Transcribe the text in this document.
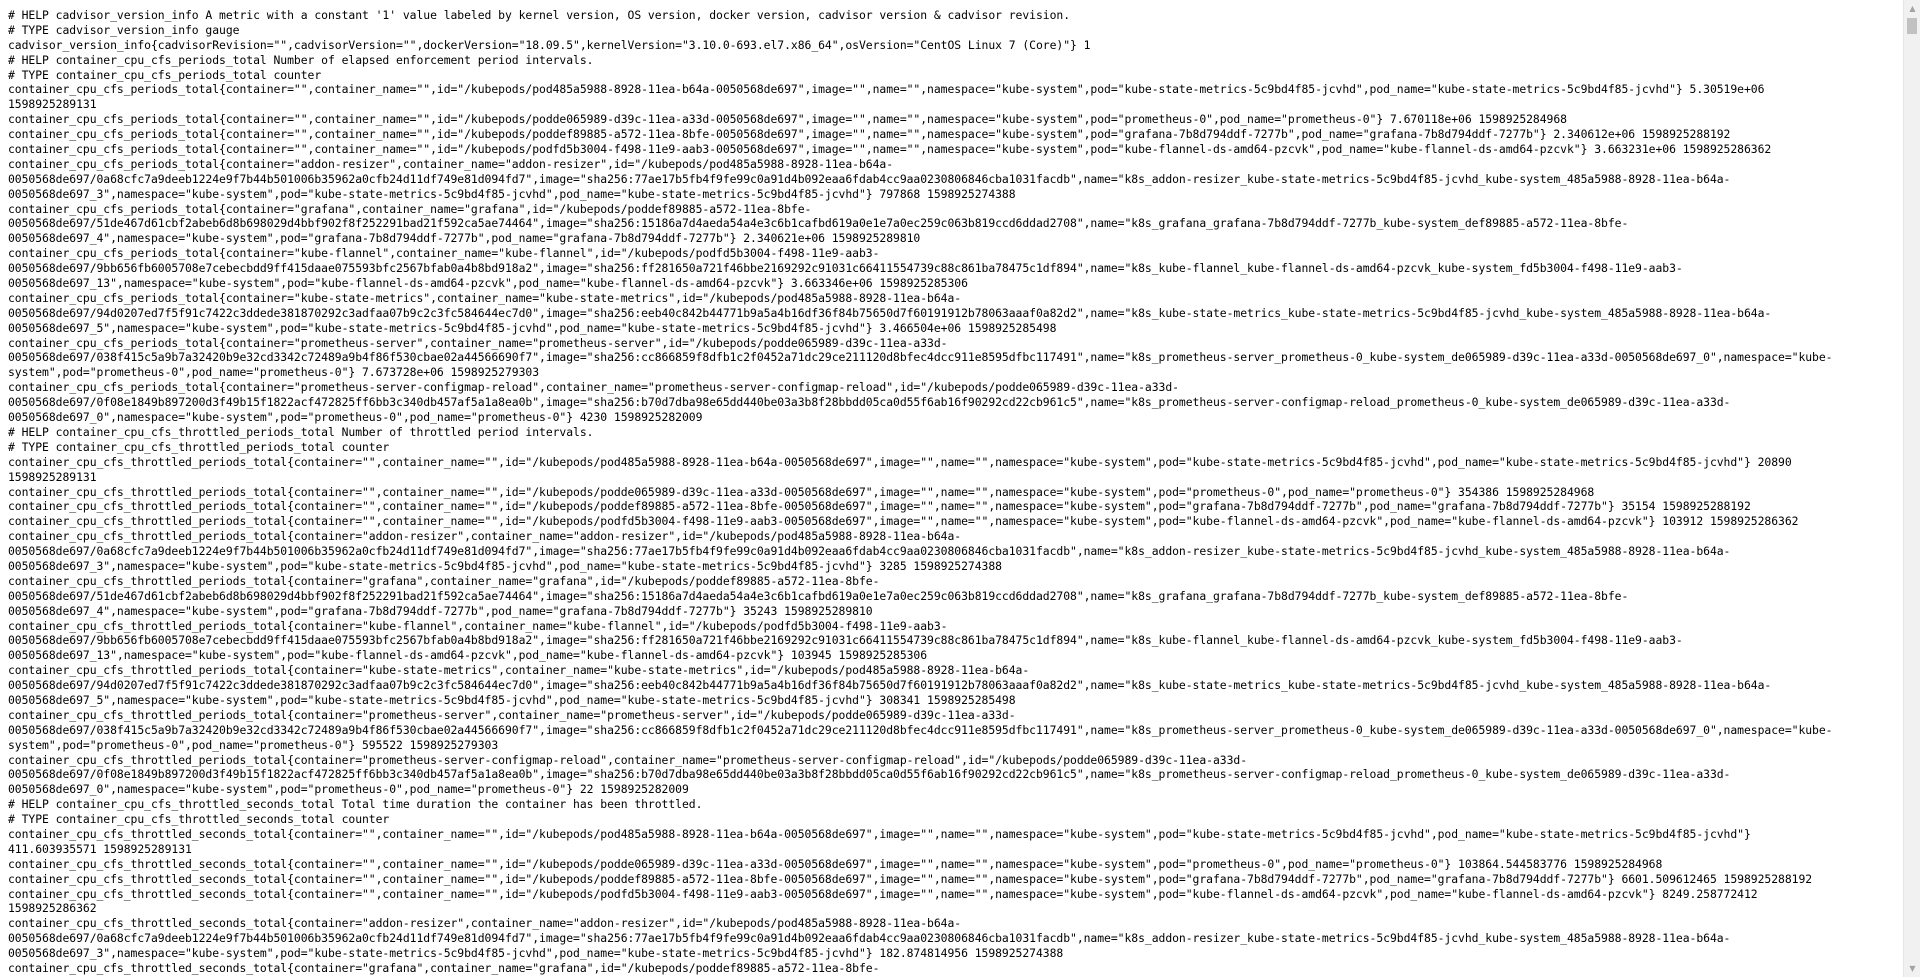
# HELP cadvisor_version_info A metric with a constant '1' value labeled by kernel version, OS version, docker version, cadvisor version & cadvisor revision.
# TYPE cadvisor_version_info gauge
cadvisor_version_info{cadvisorRevision="",cadvisorVersion="",dockerVersion="18.09.5",kernelVersion="3.10.0-693.el7.x86_64",osVersion="CentOS Linux 7 (Core)"} 1
# HELP container_cpu_cfs_periods_total Number of elapsed enforcement period intervals.
# TYPE container_cpu_cfs_periods_total counter
container_cpu_cfs_periods_total{container="",container_name="",id="/kubepods/pod485a5988-8928-11ea-b64a-0050568de697",image="",name="",namespace="kube-system",pod="kube-state-metrics-5c9bd4f85-jcvhd",pod_name="kube-state-metrics-5c9bd4f85-jcvhd"} 5.30519e+06
1598925289131
container_cpu_cfs_periods_total{container="",container_name="",id="/kubepods/podde065989-d39c-11ea-a33d-0050568de697",image="",name="",namespace="kube-system",pod="prometheus-0",pod_name="prometheus-0"} 7.670118e+06 1598925284968
container_cpu_cfs_periods_total{container="",container_name="",id="/kubepods/poddef89885-a572-11ea-8bfe-0050568de697",image="",name="",namespace="kube-system",pod="grafana-7b8d794ddf-7277b",pod_name="grafana-7b8d794ddf-7277b"} 2.340612e+06 1598925288192
container_cpu_cfs_periods_total{container="",container_name="",id="/kubepods/podfd5b3004-f498-11e9-aab3-0050568de697",image="",name="",namespace="kube-system",pod="kube-flannel-ds-amd64-pzcvk",pod_name="kube-flannel-ds-amd64-pzcvk"} 3.663231e+06 1598925286362
container_cpu_cfs_periods_total{container="addon-resizer",container_name="addon-resizer",id="/kubepods/pod485a5988-8928-11ea-b64a-
0050568de697/0a68cfc7a9deeb1224e9f7b44b501006b35962a0cfb24d11df749e81d094fd7",image="sha256:77ae17b5fb4f9fe99c0a91d4b092eaa6fdab4cc9aa0230806846cba1031facdb",name="k8s_addon-resizer_kube-state-metrics-5c9bd4f85-jcvhd_kube-system_485a5988-8928-11ea-b64a-
0050568de697_3",namespace="kube-system",pod="kube-state-metrics-5c9bd4f85-jcvhd",pod_name="kube-state-metrics-5c9bd4f85-jcvhd"} 797868 1598925274388
container_cpu_cfs_periods_total{container="grafana",container_name="grafana",id="/kubepods/poddef89885-a572-11ea-8bfe-
0050568de697/51de467d61cbf2abeb6d8b698029d4bbf902f8f252291bad21f592ca5ae74464",image="sha256:15186a7d4aeda54a4e3c6b1cafbd619a0e1e7a0ec259c063b819ccd6ddad2708",name="k8s_grafana_grafana-7b8d794ddf-7277b_kube-system_def89885-a572-11ea-8bfe-
0050568de697_4",namespace="kube-system",pod="grafana-7b8d794ddf-7277b",pod_name="grafana-7b8d794ddf-7277b"} 2.340621e+06 1598925289810
container_cpu_cfs_periods_total{container="kube-flannel",container_name="kube-flannel",id="/kubepods/podfd5b3004-f498-11e9-aab3-
0050568de697/9bb656fb6005708e7cebecbdd9ff415daae075593bfc2567bfab0a4b8bd918a2",image="sha256:ff281650a721f46bbe2169292c91031c66411554739c88c861ba78475c1df894",name="k8s_kube-flannel_kube-flannel-ds-amd64-pzcvk_kube-system_fd5b3004-f498-11e9-aab3-
0050568de697_13",namespace="kube-system",pod="kube-flannel-ds-amd64-pzcvk",pod_name="kube-flannel-ds-amd64-pzcvk"} 3.663346e+06 1598925285306
container_cpu_cfs_periods_total{container="kube-state-metrics",container_name="kube-state-metrics",id="/kubepods/pod485a5988-8928-11ea-b64a-
0050568de697/94d0207ed7f5f91c7422c3ddede381870292c3adfaa07b9c2c3fc584644ec7d0",image="sha256:eeb40c842b44771b9a5a4b16df36f84b75650d7f60191912b78063aaaf0a82d2",name="k8s_kube-state-metrics_kube-state-metrics-5c9bd4f85-jcvhd_kube-system_485a5988-8928-11ea-b64a-
0050568de697_5",namespace="kube-system",pod="kube-state-metrics-5c9bd4f85-jcvhd",pod_name="kube-state-metrics-5c9bd4f85-jcvhd"} 3.466504e+06 1598925285498
container_cpu_cfs_periods_total{container="prometheus-server",container_name="prometheus-server",id="/kubepods/podde065989-d39c-11ea-a33d-
0050568de697/038f415c5a9b7a32420b9e32cd3342c72489a9b4f86f530cbae02a44566690f7",image="sha256:cc866859f8dfb1c2f0452a71dc29ce211120d8bfec4dcc911e8595dfbc117491",name="k8s_prometheus-server_prometheus-0_kube-system_de065989-d39c-11ea-a33d-0050568de697_0",namespace="kube-
system",pod="prometheus-0",pod_name="prometheus-0"} 7.673728e+06 1598925279303
container_cpu_cfs_periods_total{container="prometheus-server-configmap-reload",container_name="prometheus-server-configmap-reload",id="/kubepods/podde065989-d39c-11ea-a33d-
0050568de697/0f08e1849b897200d3f49b15f1822acf472825ff6bb3c340db457af5a1a8ea0b",image="sha256:b70d7dba98e65dd440be03a3b8f28bbdd05ca0d55f6ab16f90292cd22cb961c5",name="k8s_prometheus-server-configmap-reload_prometheus-0_kube-system_de065989-d39c-11ea-a33d-
0050568de697_0",namespace="kube-system",pod="prometheus-0",pod_name="prometheus-0"} 4230 1598925282009
# HELP container_cpu_cfs_throttled_periods_total Number of throttled period intervals.
# TYPE container_cpu_cfs_throttled_periods_total counter
container_cpu_cfs_throttled_periods_total{container="",container_name="",id="/kubepods/pod485a5988-8928-11ea-b64a-0050568de697",image="",name="",namespace="kube-system",pod="kube-state-metrics-5c9bd4f85-jcvhd",pod_name="kube-state-metrics-5c9bd4f85-jcvhd"} 20890
1598925289131
container_cpu_cfs_throttled_periods_total{container="",container_name="",id="/kubepods/podde065989-d39c-11ea-a33d-0050568de697",image="",name="",namespace="kube-system",pod="prometheus-0",pod_name="prometheus-0"} 354386 1598925284968
container_cpu_cfs_throttled_periods_total{container="",container_name="",id="/kubepods/poddef89885-a572-11ea-8bfe-0050568de697",image="",name="",namespace="kube-system",pod="grafana-7b8d794ddf-7277b",pod_name="grafana-7b8d794ddf-7277b"} 35154 1598925288192
container_cpu_cfs_throttled_periods_total{container="",container_name="",id="/kubepods/podfd5b3004-f498-11e9-aab3-0050568de697",image="",name="",namespace="kube-system",pod="kube-flannel-ds-amd64-pzcvk",pod_name="kube-flannel-ds-amd64-pzcvk"} 103912 1598925286362
container_cpu_cfs_throttled_periods_total{container="addon-resizer",container_name="addon-resizer",id="/kubepods/pod485a5988-8928-11ea-b64a-
0050568de697/0a68cfc7a9deeb1224e9f7b44b501006b35962a0cfb24d11df749e81d094fd7",image="sha256:77ae17b5fb4f9fe99c0a91d4b092eaa6fdab4cc9aa0230806846cba1031facdb",name="k8s_addon-resizer_kube-state-metrics-5c9bd4f85-jcvhd_kube-system_485a5988-8928-11ea-b64a-
0050568de697_3",namespace="kube-system",pod="kube-state-metrics-5c9bd4f85-jcvhd",pod_name="kube-state-metrics-5c9bd4f85-jcvhd"} 3285 1598925274388
container_cpu_cfs_throttled_periods_total{container="grafana",container_name="grafana",id="/kubepods/poddef89885-a572-11ea-8bfe-
0050568de697/51de467d61cbf2abeb6d8b698029d4bbf902f8f252291bad21f592ca5ae74464",image="sha256:15186a7d4aeda54a4e3c6b1cafbd619a0e1e7a0ec259c063b819ccd6ddad2708",name="k8s_grafana_grafana-7b8d794ddf-7277b_kube-system_def89885-a572-11ea-8bfe-
0050568de697_4",namespace="kube-system",pod="grafana-7b8d794ddf-7277b",pod_name="grafana-7b8d794ddf-7277b"} 35243 1598925289810
container_cpu_cfs_throttled_periods_total{container="kube-flannel",container_name="kube-flannel",id="/kubepods/podfd5b3004-f498-11e9-aab3-
0050568de697/9bb656fb6005708e7cebecbdd9ff415daae075593bfc2567bfab0a4b8bd918a2",image="sha256:ff281650a721f46bbe2169292c91031c66411554739c88c861ba78475c1df894",name="k8s_kube-flannel_kube-flannel-ds-amd64-pzcvk_kube-system_fd5b3004-f498-11e9-aab3-
0050568de697_13",namespace="kube-system",pod="kube-flannel-ds-amd64-pzcvk",pod_name="kube-flannel-ds-amd64-pzcvk"} 103945 1598925285306
container_cpu_cfs_throttled_periods_total{container="kube-state-metrics",container_name="kube-state-metrics",id="/kubepods/pod485a5988-8928-11ea-b64a-
0050568de697/94d0207ed7f5f91c7422c3ddede381870292c3adfaa07b9c2c3fc584644ec7d0",image="sha256:eeb40c842b44771b9a5a4b16df36f84b75650d7f60191912b78063aaaf0a82d2",name="k8s_kube-state-metrics_kube-state-metrics-5c9bd4f85-jcvhd_kube-system_485a5988-8928-11ea-b64a-
0050568de697_5",namespace="kube-system",pod="kube-state-metrics-5c9bd4f85-jcvhd",pod_name="kube-state-metrics-5c9bd4f85-jcvhd"} 308341 1598925285498
container_cpu_cfs_throttled_periods_total{container="prometheus-server",container_name="prometheus-server",id="/kubepods/podde065989-d39c-11ea-a33d-
0050568de697/038f415c5a9b7a32420b9e32cd3342c72489a9b4f86f530cbae02a44566690f7",image="sha256:cc866859f8dfb1c2f0452a71dc29ce211120d8bfec4dcc911e8595dfbc117491",name="k8s_prometheus-server_prometheus-0_kube-system_de065989-d39c-11ea-a33d-0050568de697_0",namespace="kube-
system",pod="prometheus-0",pod_name="prometheus-0"} 595522 1598925279303
container_cpu_cfs_throttled_periods_total{container="prometheus-server-configmap-reload",container_name="prometheus-server-configmap-reload",id="/kubepods/podde065989-d39c-11ea-a33d-
0050568de697/0f08e1849b897200d3f49b15f1822acf472825ff6bb3c340db457af5a1a8ea0b",image="sha256:b70d7dba98e65dd440be03a3b8f28bbdd05ca0d55f6ab16f90292cd22cb961c5",name="k8s_prometheus-server-configmap-reload_prometheus-0_kube-system_de065989-d39c-11ea-a33d-
0050568de697_0",namespace="kube-system",pod="prometheus-0",pod_name="prometheus-0"} 22 1598925282009
# HELP container_cpu_cfs_throttled_seconds_total Total time duration the container has been throttled.
# TYPE container_cpu_cfs_throttled_seconds_total counter
container_cpu_cfs_throttled_seconds_total{container="",container_name="",id="/kubepods/pod485a5988-8928-11ea-b64a-0050568de697",image="",name="",namespace="kube-system",pod="kube-state-metrics-5c9bd4f85-jcvhd",pod_name="kube-state-metrics-5c9bd4f85-jcvhd"}
411.603935571 1598925289131
container_cpu_cfs_throttled_seconds_total{container="",container_name="",id="/kubepods/podde065989-d39c-11ea-a33d-0050568de697",image="",name="",namespace="kube-system",pod="prometheus-0",pod_name="prometheus-0"} 103864.544583776 1598925284968
container_cpu_cfs_throttled_seconds_total{container="",container_name="",id="/kubepods/poddef89885-a572-11ea-8bfe-0050568de697",image="",name="",namespace="kube-system",pod="grafana-7b8d794ddf-7277b",pod_name="grafana-7b8d794ddf-7277b"} 6601.509612465 1598925288192
container_cpu_cfs_throttled_seconds_total{container="",container_name="",id="/kubepods/podfd5b3004-f498-11e9-aab3-0050568de697",image="",name="",namespace="kube-system",pod="kube-flannel-ds-amd64-pzcvk",pod_name="kube-flannel-ds-amd64-pzcvk"} 8249.258772412
1598925286362
container_cpu_cfs_throttled_seconds_total{container="addon-resizer",container_name="addon-resizer",id="/kubepods/pod485a5988-8928-11ea-b64a-
0050568de697/0a68cfc7a9deeb1224e9f7b44b501006b35962a0cfb24d11df749e81d094fd7",image="sha256:77ae17b5fb4f9fe99c0a91d4b092eaa6fdab4cc9aa0230806846cba1031facdb",name="k8s_addon-resizer_kube-state-metrics-5c9bd4f85-jcvhd_kube-system_485a5988-8928-11ea-b64a-
0050568de697_3",namespace="kube-system",pod="kube-state-metrics-5c9bd4f85-jcvhd",pod_name="kube-state-metrics-5c9bd4f85-jcvhd"} 182.874814956 1598925274388
container_cpu_cfs_throttled_seconds_total{container="grafana",container_name="grafana",id="/kubepods/poddef89885-a572-11ea-8bfe-
▲
▼
